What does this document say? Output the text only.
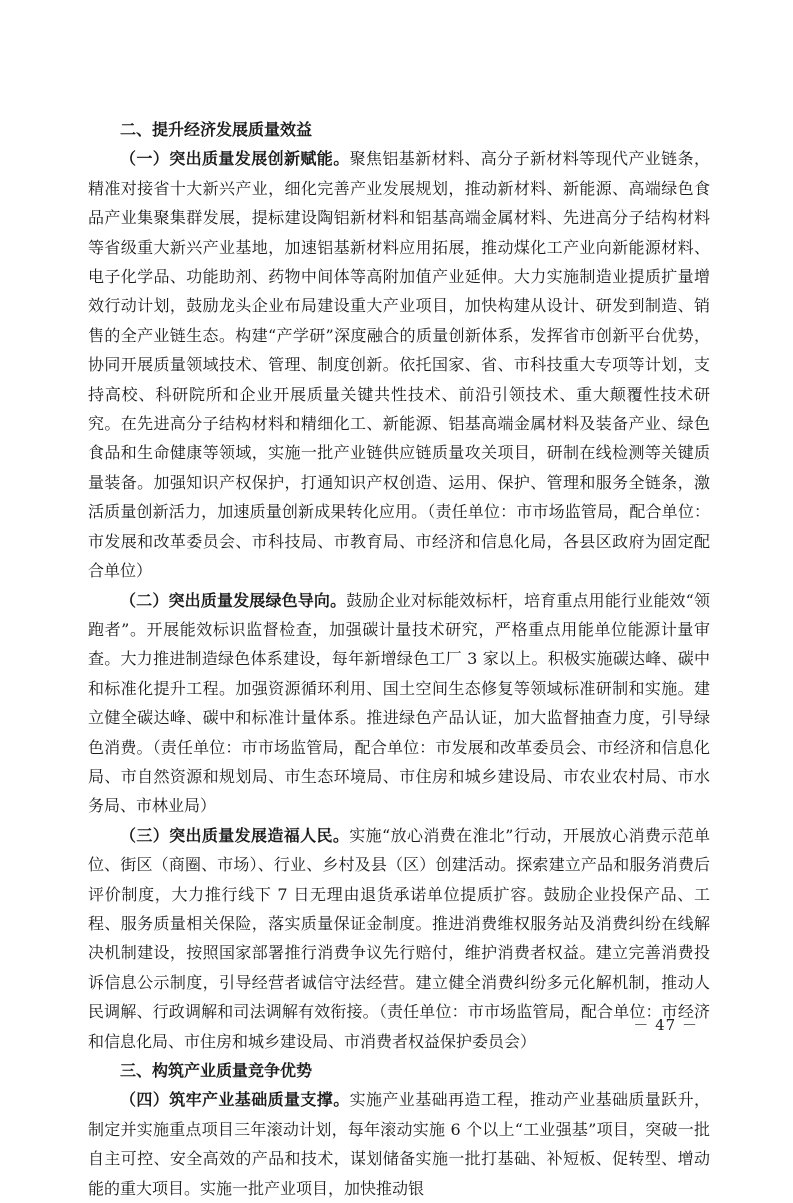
二、提升经济发展质量效益

（一）突出质量发展创新赋能。聚焦铝基新材料、高分子新材料等现代产业链条，精准对接省十大新兴产业，细化完善产业发展规划，推动新材料、新能源、高端绿色食品产业集聚集群发展，提标建设陶铝新材料和铝基高端金属材料、先进高分子结构材料等省级重大新兴产业基地，加速铝基新材料应用拓展，推动煤化工产业向新能源材料、电子化学品、功能助剂、药物中间体等高附加值产业延伸。大力实施制造业提质扩量增效行动计划，鼓励龙头企业布局建设重大产业项目，加快构建从设计、研发到制造、销售的全产业链生态。构建“产学研”深度融合的质量创新体系，发挥省市创新平台优势，协同开展质量领域技术、管理、制度创新。依托国家、省、市科技重大专项等计划，支持高校、科研院所和企业开展质量关键共性技术、前沿引领技术、重大颠覆性技术研究。在先进高分子结构材料和精细化工、新能源、铝基高端金属材料及装备产业、绿色食品和生命健康等领域，实施一批产业链供应链质量攻关项目，研制在线检测等关键质量装备。加强知识产权保护，打通知识产权创造、运用、保护、管理和服务全链条，激活质量创新活力，加速质量创新成果转化应用。（责任单位：市市场监管局，配合单位：市发展和改革委员会、市科技局、市教育局、市经济和信息化局，各县区政府为固定配合单位）

（二）突出质量发展绿色导向。鼓励企业对标能效标杆，培育重点用能行业能效“领跑者”。开展能效标识监督检查，加强碳计量技术研究，严格重点用能单位能源计量审查。大力推进制造绿色体系建设，每年新增绿色工厂 3 家以上。积极实施碳达峰、碳中和标准化提升工程。加强资源循环利用、国土空间生态修复等领域标准研制和实施。建立健全碳达峰、碳中和标准计量体系。推进绿色产品认证，加大监督抽查力度，引导绿色消费。（责任单位：市市场监管局，配合单位：市发展和改革委员会、市经济和信息化局、市自然资源和规划局、市生态环境局、市住房和城乡建设局、市农业农村局、市水务局、市林业局）

（三）突出质量发展造福人民。实施“放心消费在淮北”行动，开展放心消费示范单位、街区（商圈、市场）、行业、乡村及县（区）创建活动。探索建立产品和服务消费后评价制度，大力推行线下 7 日无理由退货承诺单位提质扩容。鼓励企业投保产品、工程、服务质量相关保险，落实质量保证金制度。推进消费维权服务站及消费纠纷在线解决机制建设，按照国家部署推行消费争议先行赔付，维护消费者权益。建立完善消费投诉信息公示制度，引导经营者诚信守法经营。建立健全消费纠纷多元化解机制，推动人民调解、行政调解和司法调解有效衔接。（责任单位：市市场监管局，配合单位：市经济和信息化局、市住房和城乡建设局、市消费者权益保护委员会）

三、构筑产业质量竞争优势

（四）筑牢产业基础质量支撑。实施产业基础再造工程，推动产业基础质量跃升，制定并实施重点项目三年滚动计划，每年滚动实施 6 个以上“工业强基”项目，突破一批自主可控、安全高效的产品和技术，谋划储备实施一批打基础、补短板、促转型、增动能的重大项目。实施一批产业项目，加快推动银

－ 47 －
